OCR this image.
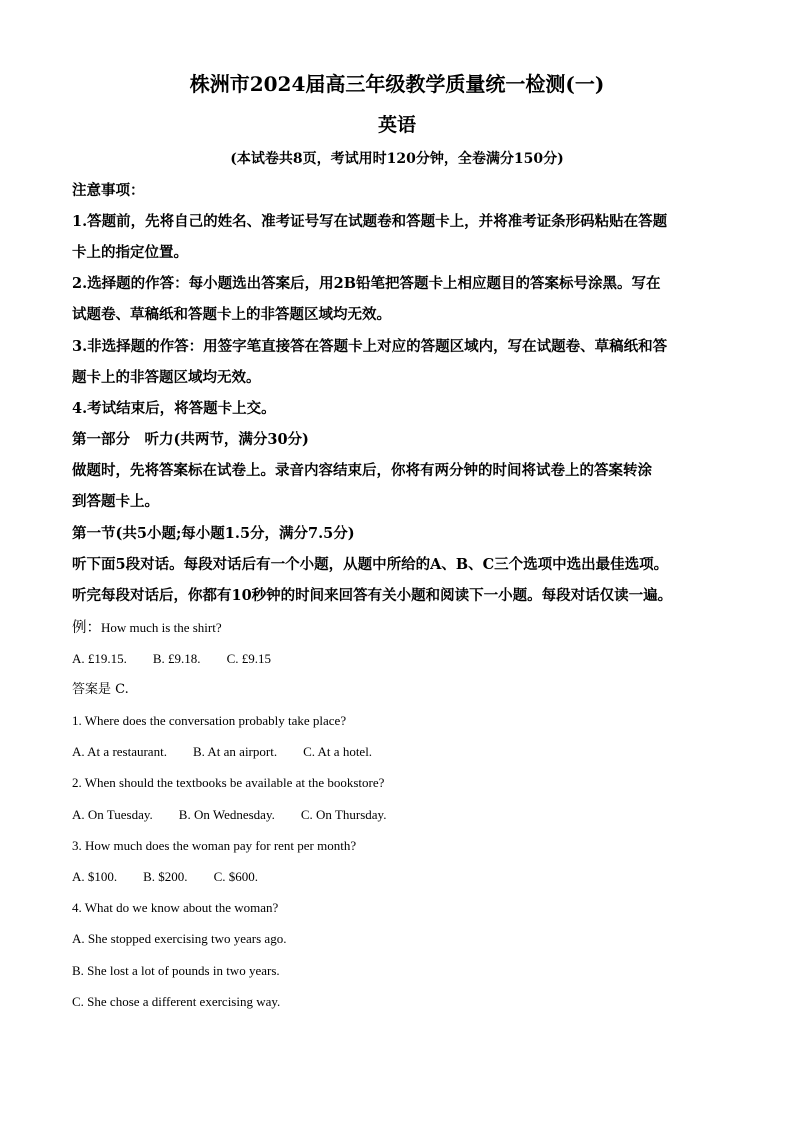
株洲市2024届高三年级教学质量统一检测(一)
英语
(本试卷共8页，考试用时120分钟，全卷满分150分)
注意事项：
1.答题前，先将自己的姓名、准考证号写在试题卷和答题卡上，并将准考证条形码粘贴在答题
卡上的指定位置。
2.选择题的作答：每小题选出答案后，用2B铅笔把答题卡上相应题目的答案标号涂黑。写在
试题卷、草稿纸和答题卡上的非答题区域均无效。
3.非选择题的作答：用签字笔直接答在答题卡上对应的答题区域内，写在试题卷、草稿纸和答
题卡上的非答题区域均无效。
4.考试结束后，将答题卡上交。
第一部分　听力(共两节，满分30分)
做题时，先将答案标在试卷上。录音内容结束后，你将有两分钟的时间将试卷上的答案转涂
到答题卡上。
第一节(共5小题;每小题1.5分，满分7.5分)
听下面5段对话。每段对话后有一个小题，从题中所给的A、B、C三个选项中选出最佳选项。
听完每段对话后，你都有10秒钟的时间来回答有关小题和阅读下一小题。每段对话仅读一遍。
例：How much is the shirt?
A. £19.15. B. £9.18. C. £9.15
答案是 C.
1. Where does the conversation probably take place?
A. At a restaurant. B. At an airport. C. At a hotel.
2. When should the textbooks be available at the bookstore?
A. On Tuesday. B. On Wednesday. C. On Thursday.
3. How much does the woman pay for rent per month?
A. $100. B. $200. C. $600.
4. What do we know about the woman?
A. She stopped exercising two years ago.
B. She lost a lot of pounds in two years.
C. She chose a different exercising way.
